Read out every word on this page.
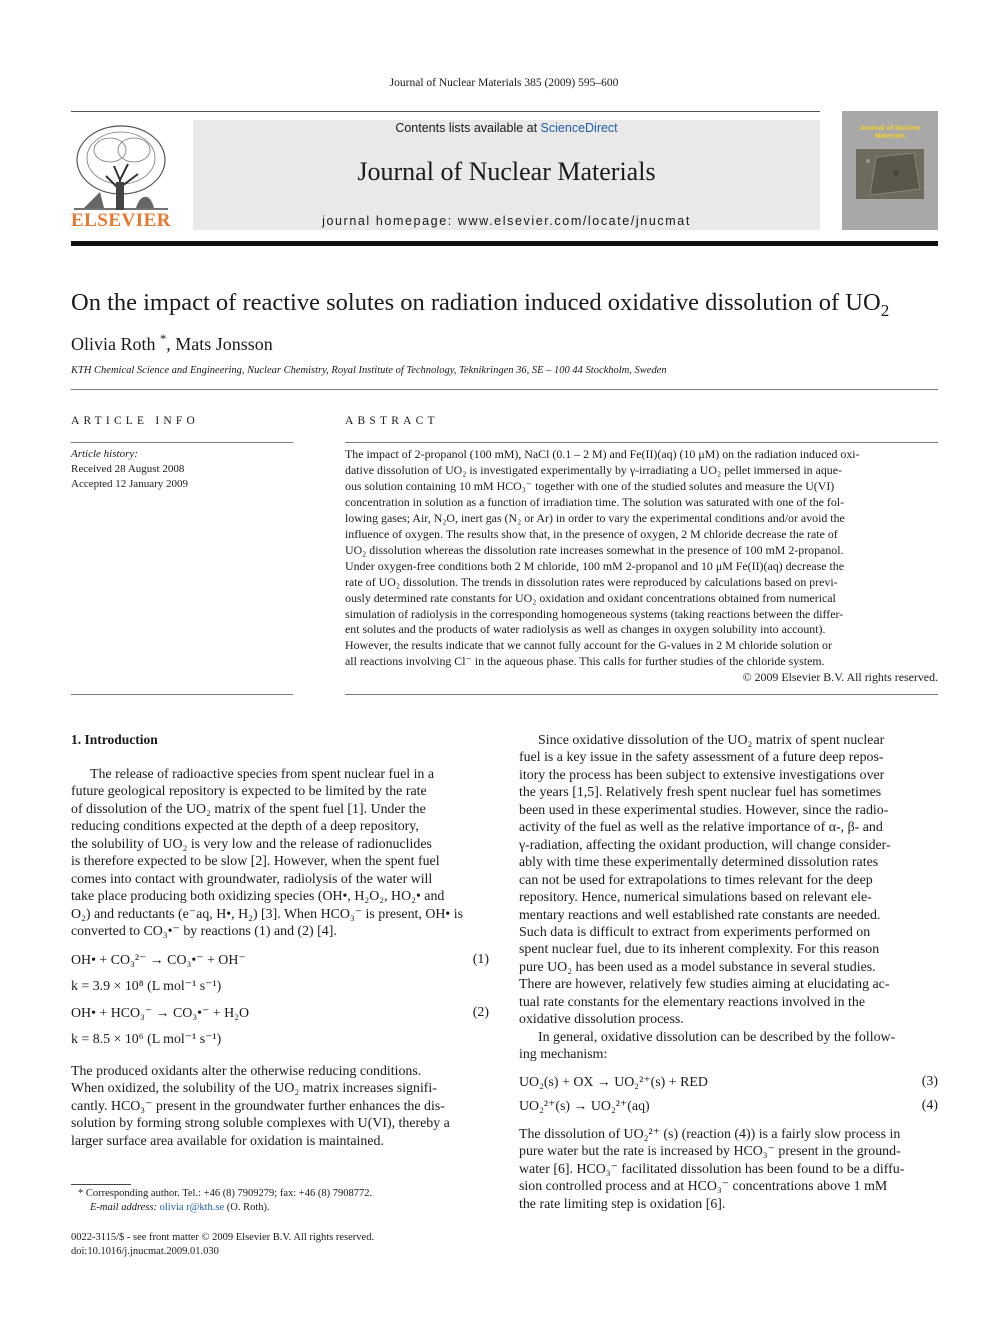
Journal of Nuclear Materials 385 (2009) 595–600
ELSEVIER
Contents lists available at ScienceDirect
Journal of Nuclear Materials
journal homepage: www.elsevier.com/locate/jnucmat
Journal of Nuclear Materials
On the impact of reactive solutes on radiation induced oxidative dissolution of $UO_2$
Olivia Roth *, Mats Jonsson
KTH Chemical Science and Engineering, Nuclear Chemistry, Royal Institute of Technology, Teknikringen 36, SE – 100 44 Stockholm, Sweden
ARTICLE INFO
Article history:
Received 28 August 2008
Accepted 12 January 2009
ABSTRACT
The impact of 2-propanol (100 mM), NaCl (0.1 – 2 M) and Fe(II)(aq) (10 μM) on the radiation induced oxi-
dative dissolution of UO₂ is investigated experimentally by γ-irradiating a UO₂ pellet immersed in aque-
ous solution containing 10 mM HCO₃⁻ together with one of the studied solutes and measure the U(VI)
concentration in solution as a function of irradiation time. The solution was saturated with one of the fol-
lowing gases; Air, N₂O, inert gas (N₂ or Ar) in order to vary the experimental conditions and/or avoid the
influence of oxygen. The results show that, in the presence of oxygen, 2 M chloride decrease the rate of
UO₂ dissolution whereas the dissolution rate increases somewhat in the presence of 100 mM 2-propanol.
Under oxygen-free conditions both 2 M chloride, 100 mM 2-propanol and 10 μM Fe(II)(aq) decrease the
rate of UO₂ dissolution. The trends in dissolution rates were reproduced by calculations based on previ-
ously determined rate constants for UO₂ oxidation and oxidant concentrations obtained from numerical
simulation of radiolysis in the corresponding homogeneous systems (taking reactions between the differ-
ent solutes and the products of water radiolysis as well as changes in oxygen solubility into account).
However, the results indicate that we cannot fully account for the G-values in 2 M chloride solution or
all reactions involving Cl⁻ in the aqueous phase. This calls for further studies of the chloride system.
© 2009 Elsevier B.V. All rights reserved.
1. Introduction
The release of radioactive species from spent nuclear fuel in a
future geological repository is expected to be limited by the rate
of dissolution of the UO₂ matrix of the spent fuel [1]. Under the
reducing conditions expected at the depth of a deep repository,
the solubility of UO₂ is very low and the release of radionuclides
is therefore expected to be slow [2]. However, when the spent fuel
comes into contact with groundwater, radiolysis of the water will
take place producing both oxidizing species (OH•, H₂O₂, HO₂• and
O₂) and reductants (e⁻aq, H•, H₂) [3]. When HCO₃⁻ is present, OH• is
converted to CO₃•⁻ by reactions (1) and (2) [4].
OH• + CO₃²⁻ → CO₃•⁻ + OH⁻	(1)
k = 3.9 × 10⁸ (L mol⁻¹ s⁻¹)
OH• + HCO₃⁻ → CO₃•⁻ + H₂O	(2)
k = 8.5 × 10⁶ (L mol⁻¹ s⁻¹)
The produced oxidants alter the otherwise reducing conditions.
When oxidized, the solubility of the UO₂ matrix increases signifi-
cantly. HCO₃⁻ present in the groundwater further enhances the dis-
solution by forming strong soluble complexes with U(VI), thereby a
larger surface area available for oxidation is maintained.
* Corresponding author. Tel.: +46 (8) 7909279; fax: +46 (8) 7908772.
E-mail address: olivia r@kth.se (O. Roth).
0022-3115/$ - see front matter © 2009 Elsevier B.V. All rights reserved.
doi:10.1016/j.jnucmat.2009.01.030
Since oxidative dissolution of the UO₂ matrix of spent nuclear
fuel is a key issue in the safety assessment of a future deep repos-
itory the process has been subject to extensive investigations over
the years [1,5]. Relatively fresh spent nuclear fuel has sometimes
been used in these experimental studies. However, since the radio-
activity of the fuel as well as the relative importance of α-, β- and
γ-radiation, affecting the oxidant production, will change consider-
ably with time these experimentally determined dissolution rates
can not be used for extrapolations to times relevant for the deep
repository. Hence, numerical simulations based on relevant ele-
mentary reactions and well established rate constants are needed.
Such data is difficult to extract from experiments performed on
spent nuclear fuel, due to its inherent complexity. For this reason
pure UO₂ has been used as a model substance in several studies.
There are however, relatively few studies aiming at elucidating ac-
tual rate constants for the elementary reactions involved in the
oxidative dissolution process.
In general, oxidative dissolution can be described by the follow-
ing mechanism:
UO₂(s) + OX → UO₂²⁺(s) + RED	(3)
UO₂²⁺(s) → UO₂²⁺(aq)	(4)
The dissolution of UO₂²⁺ (s) (reaction (4)) is a fairly slow process in
pure water but the rate is increased by HCO₃⁻ present in the ground-
water [6]. HCO₃⁻ facilitated dissolution has been found to be a diffu-
sion controlled process and at HCO₃⁻ concentrations above 1 mM
the rate limiting step is oxidation [6].
